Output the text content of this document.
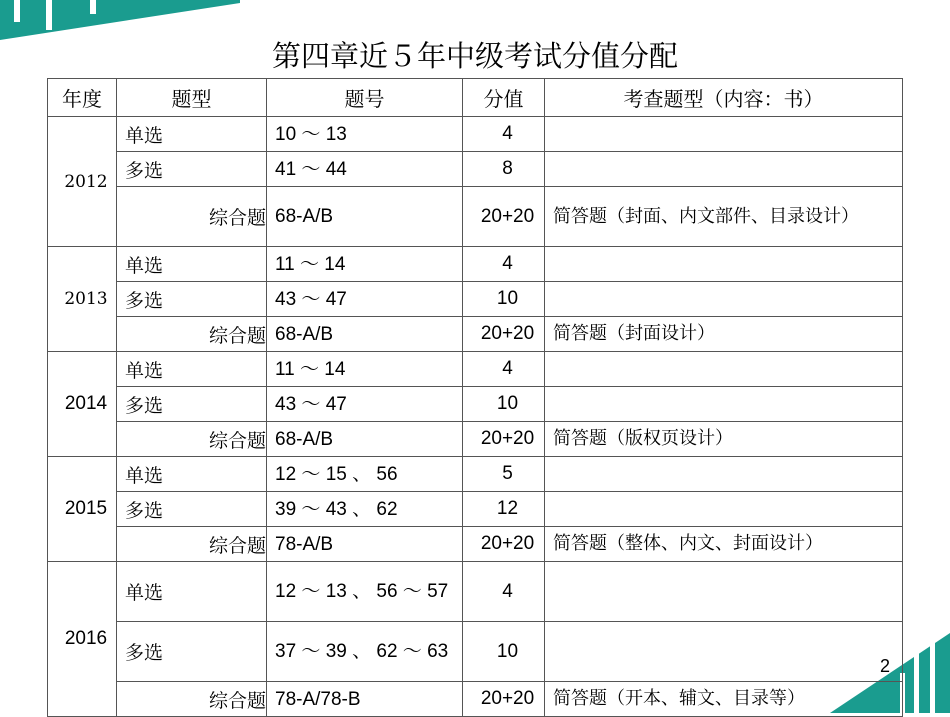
第四章近５年中级考试分值分配
年度	题型	题号	分值	考查题型（内容：书）
2012	单选	10 ～ 13	4	
	多选	41 ～ 44	8	
	综合题	68-A/B	20+20	简答题（封面、内文部件、目录设计）
2013	单选	11 ～ 14	4	
	多选	43 ～ 47	10	
	综合题	68-A/B	20+20	简答题（封面设计）
2014	单选	11 ～ 14	4	
	多选	43 ～ 47	10	
	综合题	68-A/B	20+20	简答题（版权页设计）
2015	单选	12 ～ 15 、 56	5	
	多选	39 ～ 43 、 62	12	
	综合题	78-A/B	20+20	简答题（整体、内文、封面设计）
2016	单选	12 ～ 13 、 56 ～ 57	4	
	多选	37 ～ 39 、 62 ～ 63	10	
	综合题	78-A/78-B	20+20	简答题（开本、辅文、目录等）
2
